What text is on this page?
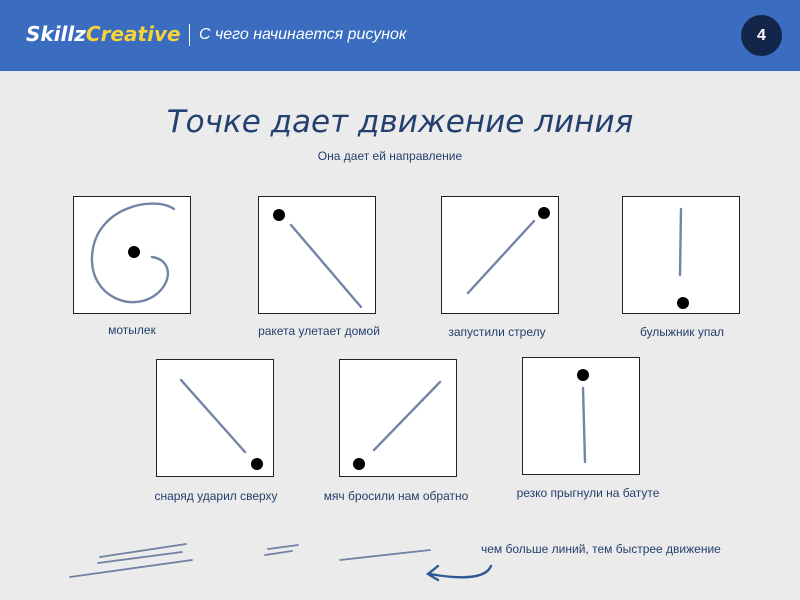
SkillzCreative С чего начинается рисунок	4
Точке дает движение линия
Она дает ей направление
мотылек	ракета улетает домой	запустили стрелу	булыжник упал
снаряд ударил сверху	мяч бросили нам обратно	резко прыгнули на батуте
чем больше линий, тем быстрее движение
